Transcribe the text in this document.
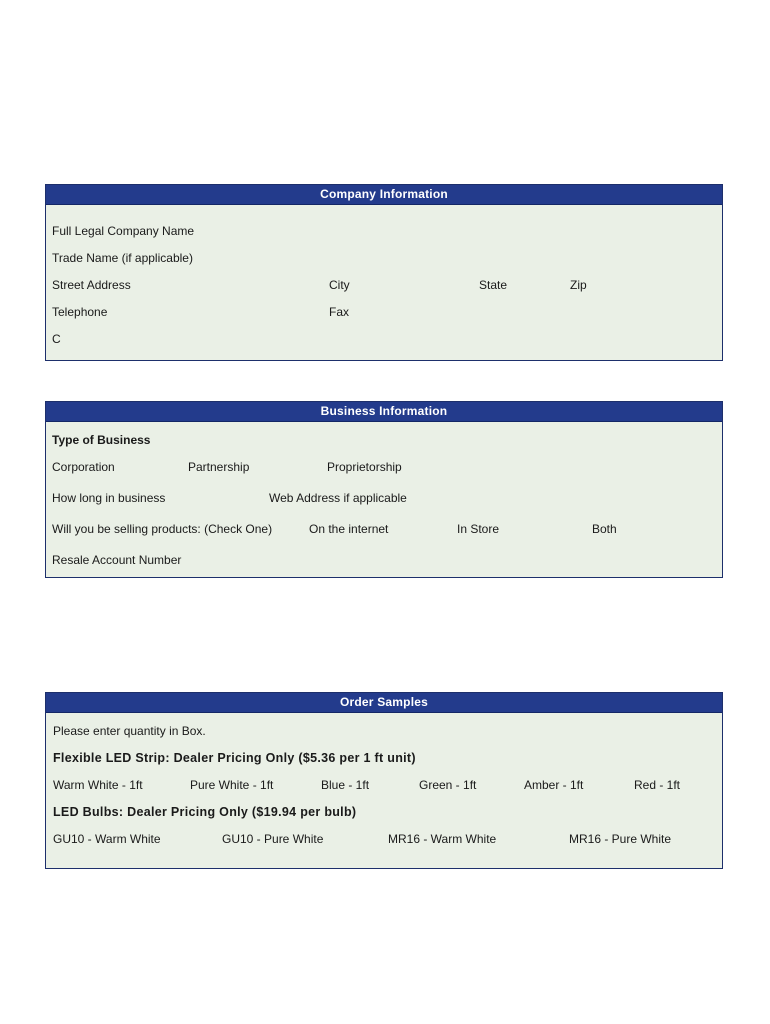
Company Information
Full Legal Company Name
Trade Name (if applicable)
Street Address	City	State	Zip
Telephone	Fax
C
Business Information
Type of Business
Corporation	Partnership	Proprietorship
How long in business	Web Address if applicable
Will you be selling products: (Check One)	On the internet	In Store	Both
Resale Account Number
Order Samples
Please enter quantity in Box.
Flexible LED Strip: Dealer Pricing Only ($5.36 per 1 ft unit)
Warm White - 1ft	Pure White - 1ft	Blue - 1ft	Green - 1ft	Amber - 1ft	Red - 1ft
LED Bulbs: Dealer Pricing Only ($19.94 per bulb)
GU10 - Warm White	GU10 - Pure White	MR16 - Warm White	MR16 - Pure White
